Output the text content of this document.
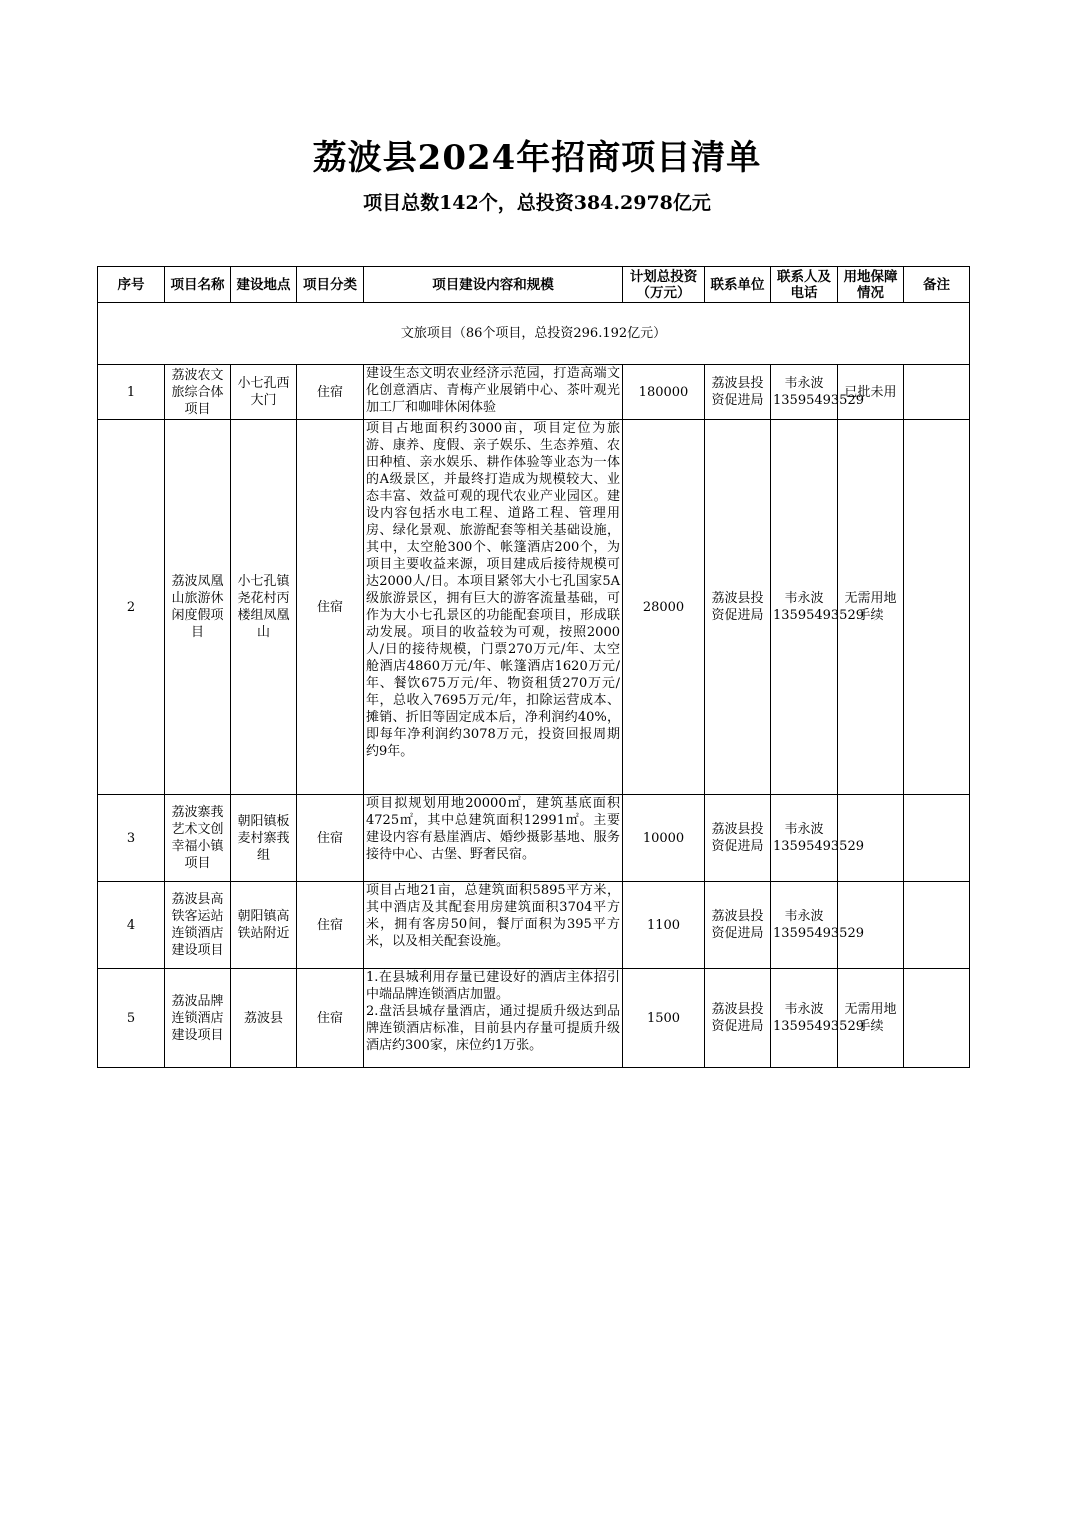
荔波县2024年招商项目清单
项目总数142个，总投资384.2978亿元
序号	项目名称	建设地点	项目分类	项目建设内容和规模	计划总投资（万元）	联系单位	联系人及电话	用地保障情况	备注
文旅项目（86个项目，总投资296.192亿元）									

1	荔波农文旅综合体项目	小七孔西大门	住宿	建设生态文明农业经济示范园，打造高端文化创意酒店、青梅产业展销中心、茶叶观光加工厂和咖啡休闲体验	180000	荔波县投资促进局	韦永波13595493529	已批未用	

2	荔波凤凰山旅游休闲度假项目	小七孔镇尧花村丙楼组凤凰山	住宿	项目占地面积约3000亩，项目定位为旅游、康养、度假、亲子娱乐、生态养殖、农田种植、亲水娱乐、耕作体验等业态为一体的A级景区，并最终打造成为规模较大、业态丰富、效益可观的现代农业产业园区。建设内容包括水电工程、道路工程、管理用房、绿化景观、旅游配套等相关基础设施，其中，太空舱300个、帐篷酒店200个，为项目主要收益来源，项目建成后接待规模可达2000人/日。本项目紧邻大小七孔国家5A级旅游景区，拥有巨大的游客流量基础，可作为大小七孔景区的功能配套项目，形成联动发展。项目的收益较为可观，按照2000人/日的接待规模，门票270万元/年、太空舱酒店4860万元/年、帐篷酒店1620万元/年、餐饮675万元/年、物资租赁270万元/年，总收入7695万元/年，扣除运营成本、摊销、折旧等固定成本后，净利润约40%，即每年净利润约3078万元，投资回报周期约9年。	28000	荔波县投资促进局	韦永波13595493529	无需用地手续	

3	荔波寨莪艺术文创幸福小镇项目	朝阳镇板麦村寨莪组	住宿	项目拟规划用地20000㎡，建筑基底面积4725㎡，其中总建筑面积12991㎡。主要建设内容有悬崖酒店、婚纱摄影基地、服务接待中心、古堡、野奢民宿。	10000	荔波县投资促进局	韦永波13595493529		

4	荔波县高铁客运站连锁酒店建设项目	朝阳镇高铁站附近	住宿	项目占地21亩，总建筑面积5895平方米，其中酒店及其配套用房建筑面积3704平方米，拥有客房50间，餐厅面积为395平方米，以及相关配套设施。	1100	荔波县投资促进局	韦永波13595493529		

5	荔波品牌连锁酒店建设项目	荔波县	住宿	1.在县城利用存量已建设好的酒店主体招引中端品牌连锁酒店加盟。
2.盘活县城存量酒店，通过提质升级达到品牌连锁酒店标准，目前县内存量可提质升级酒店约300家，床位约1万张。	1500	荔波县投资促进局	韦永波13595493529	无需用地手续	
